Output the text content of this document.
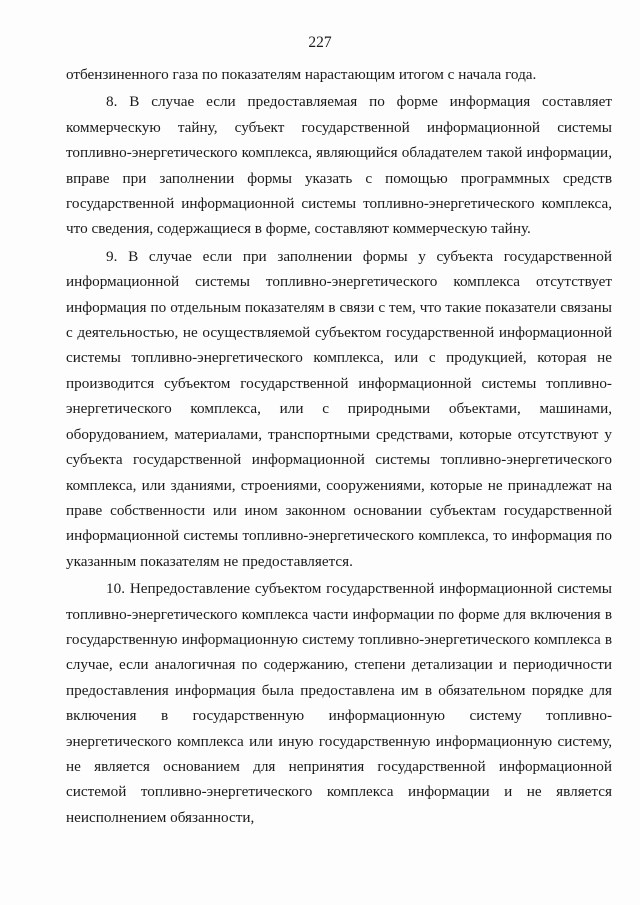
227

отбензиненного газа по показателям нарастающим итогом с начала года.

8. В случае если предоставляемая по форме информация составляет коммерческую тайну, субъект государственной информационной системы топливно-энергетического комплекса, являющийся обладателем такой информации, вправе при заполнении формы указать с помощью программных средств государственной информационной системы топливно-энергетического комплекса, что сведения, содержащиеся в форме, составляют коммерческую тайну.

9. В случае если при заполнении формы у субъекта государственной информационной системы топливно-энергетического комплекса отсутствует информация по отдельным показателям в связи с тем, что такие показатели связаны с деятельностью, не осуществляемой субъектом государственной информационной системы топливно-энергетического комплекса, или с продукцией, которая не производится субъектом государственной информационной системы топливно-энергетического комплекса, или с природными объектами, машинами, оборудованием, материалами, транспортными средствами, которые отсутствуют у субъекта государственной информационной системы топливно-энергетического комплекса, или зданиями, строениями, сооружениями, которые не принадлежат на праве собственности или ином законном основании субъектам государственной информационной системы топливно-энергетического комплекса, то информация по указанным показателям не предоставляется.

10. Непредоставление субъектом государственной информационной системы топливно-энергетического комплекса части информации по форме для включения в государственную информационную систему топливно-энергетического комплекса в случае, если аналогичная по содержанию, степени детализации и периодичности предоставления информация была предоставлена им в обязательном порядке для включения в государственную информационную систему топливно-энергетического комплекса или иную государственную информационную систему, не является основанием для непринятия государственной информационной системой топливно-энергетического комплекса информации и не является неисполнением обязанности,
